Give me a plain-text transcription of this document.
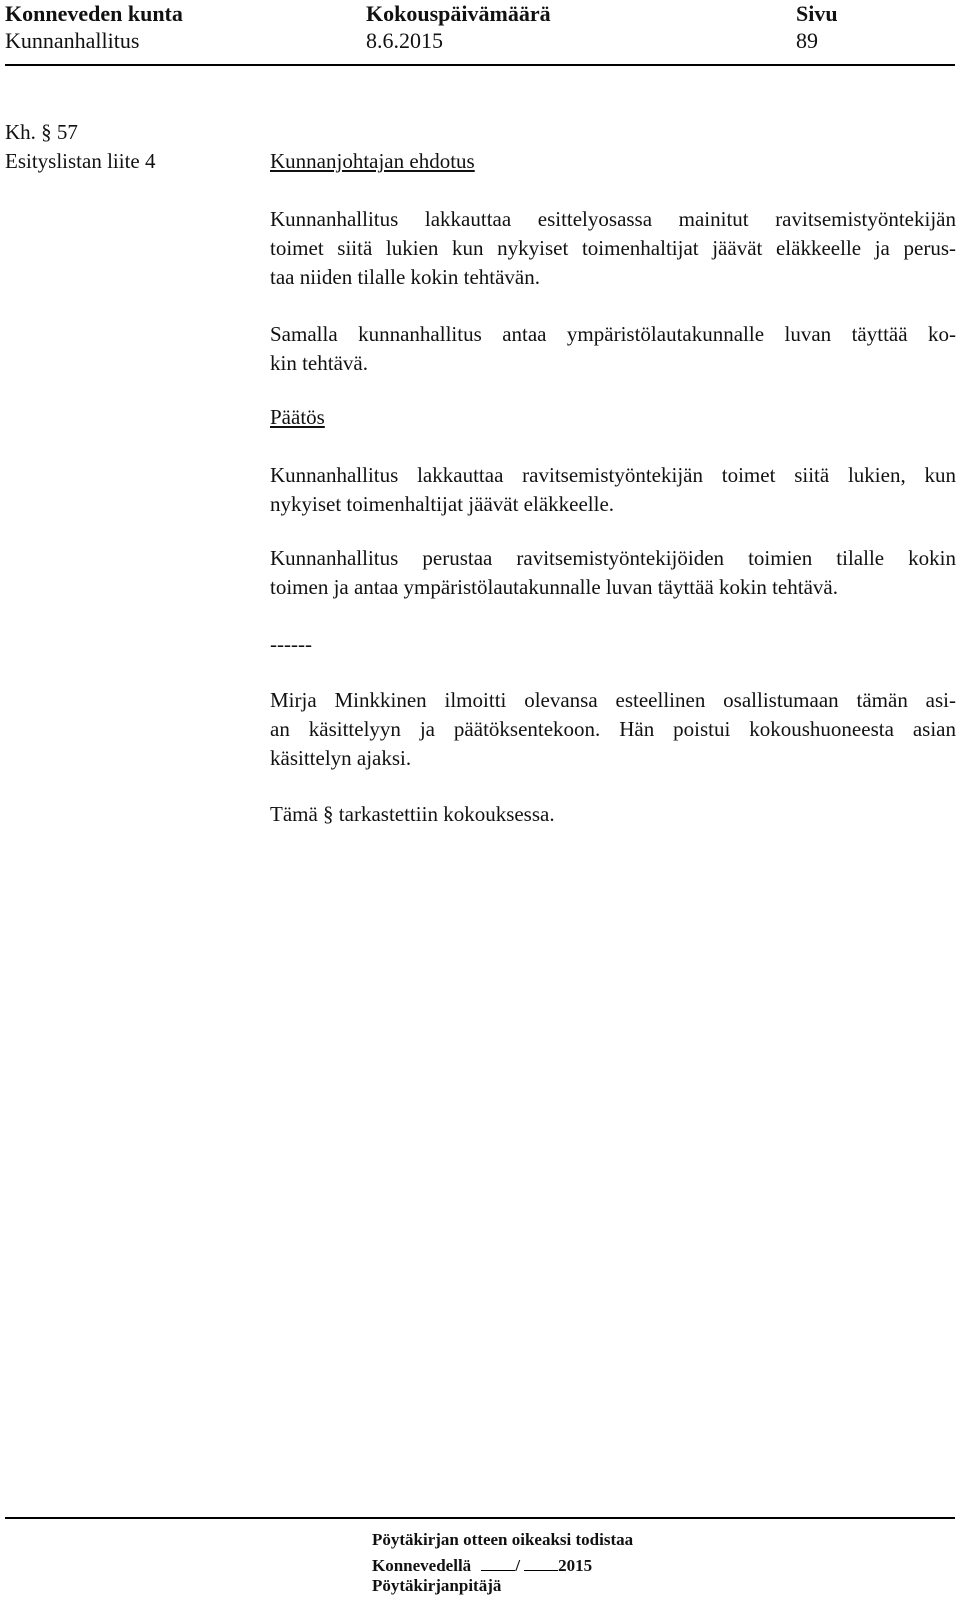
Konneveden kunta	Kokouspäivämäärä	Sivu
Kunnanhallitus	8.6.2015	89
Kh. § 57
Esityslistan liite 4	Kunnanjohtajan ehdotus
Kunnanhallitus lakkauttaa esittelyosassa mainitut ravitsemistyöntekijän
toimet siitä lukien kun nykyiset toimenhaltijat jäävät eläkkeelle ja perus-
taa niiden tilalle kokin tehtävän.
Samalla kunnanhallitus antaa ympäristölautakunnalle luvan täyttää ko-
kin tehtävä.
Päätös
Kunnanhallitus lakkauttaa ravitsemistyöntekijän toimet siitä lukien, kun
nykyiset toimenhaltijat jäävät eläkkeelle.
Kunnanhallitus perustaa ravitsemistyöntekijöiden toimien tilalle kokin
toimen ja antaa ympäristölautakunnalle luvan täyttää kokin tehtävä.
------
Mirja Minkkinen ilmoitti olevansa esteellinen osallistumaan tämän asi-
an käsittelyyn ja päätöksentekoon. Hän poistui kokoushuoneesta asian
käsittelyn ajaksi.
Tämä § tarkastettiin kokouksessa.
Pöytäkirjan otteen oikeaksi todistaa
Konnevedellä	/ 2015
Pöytäkirjanpitäjä
